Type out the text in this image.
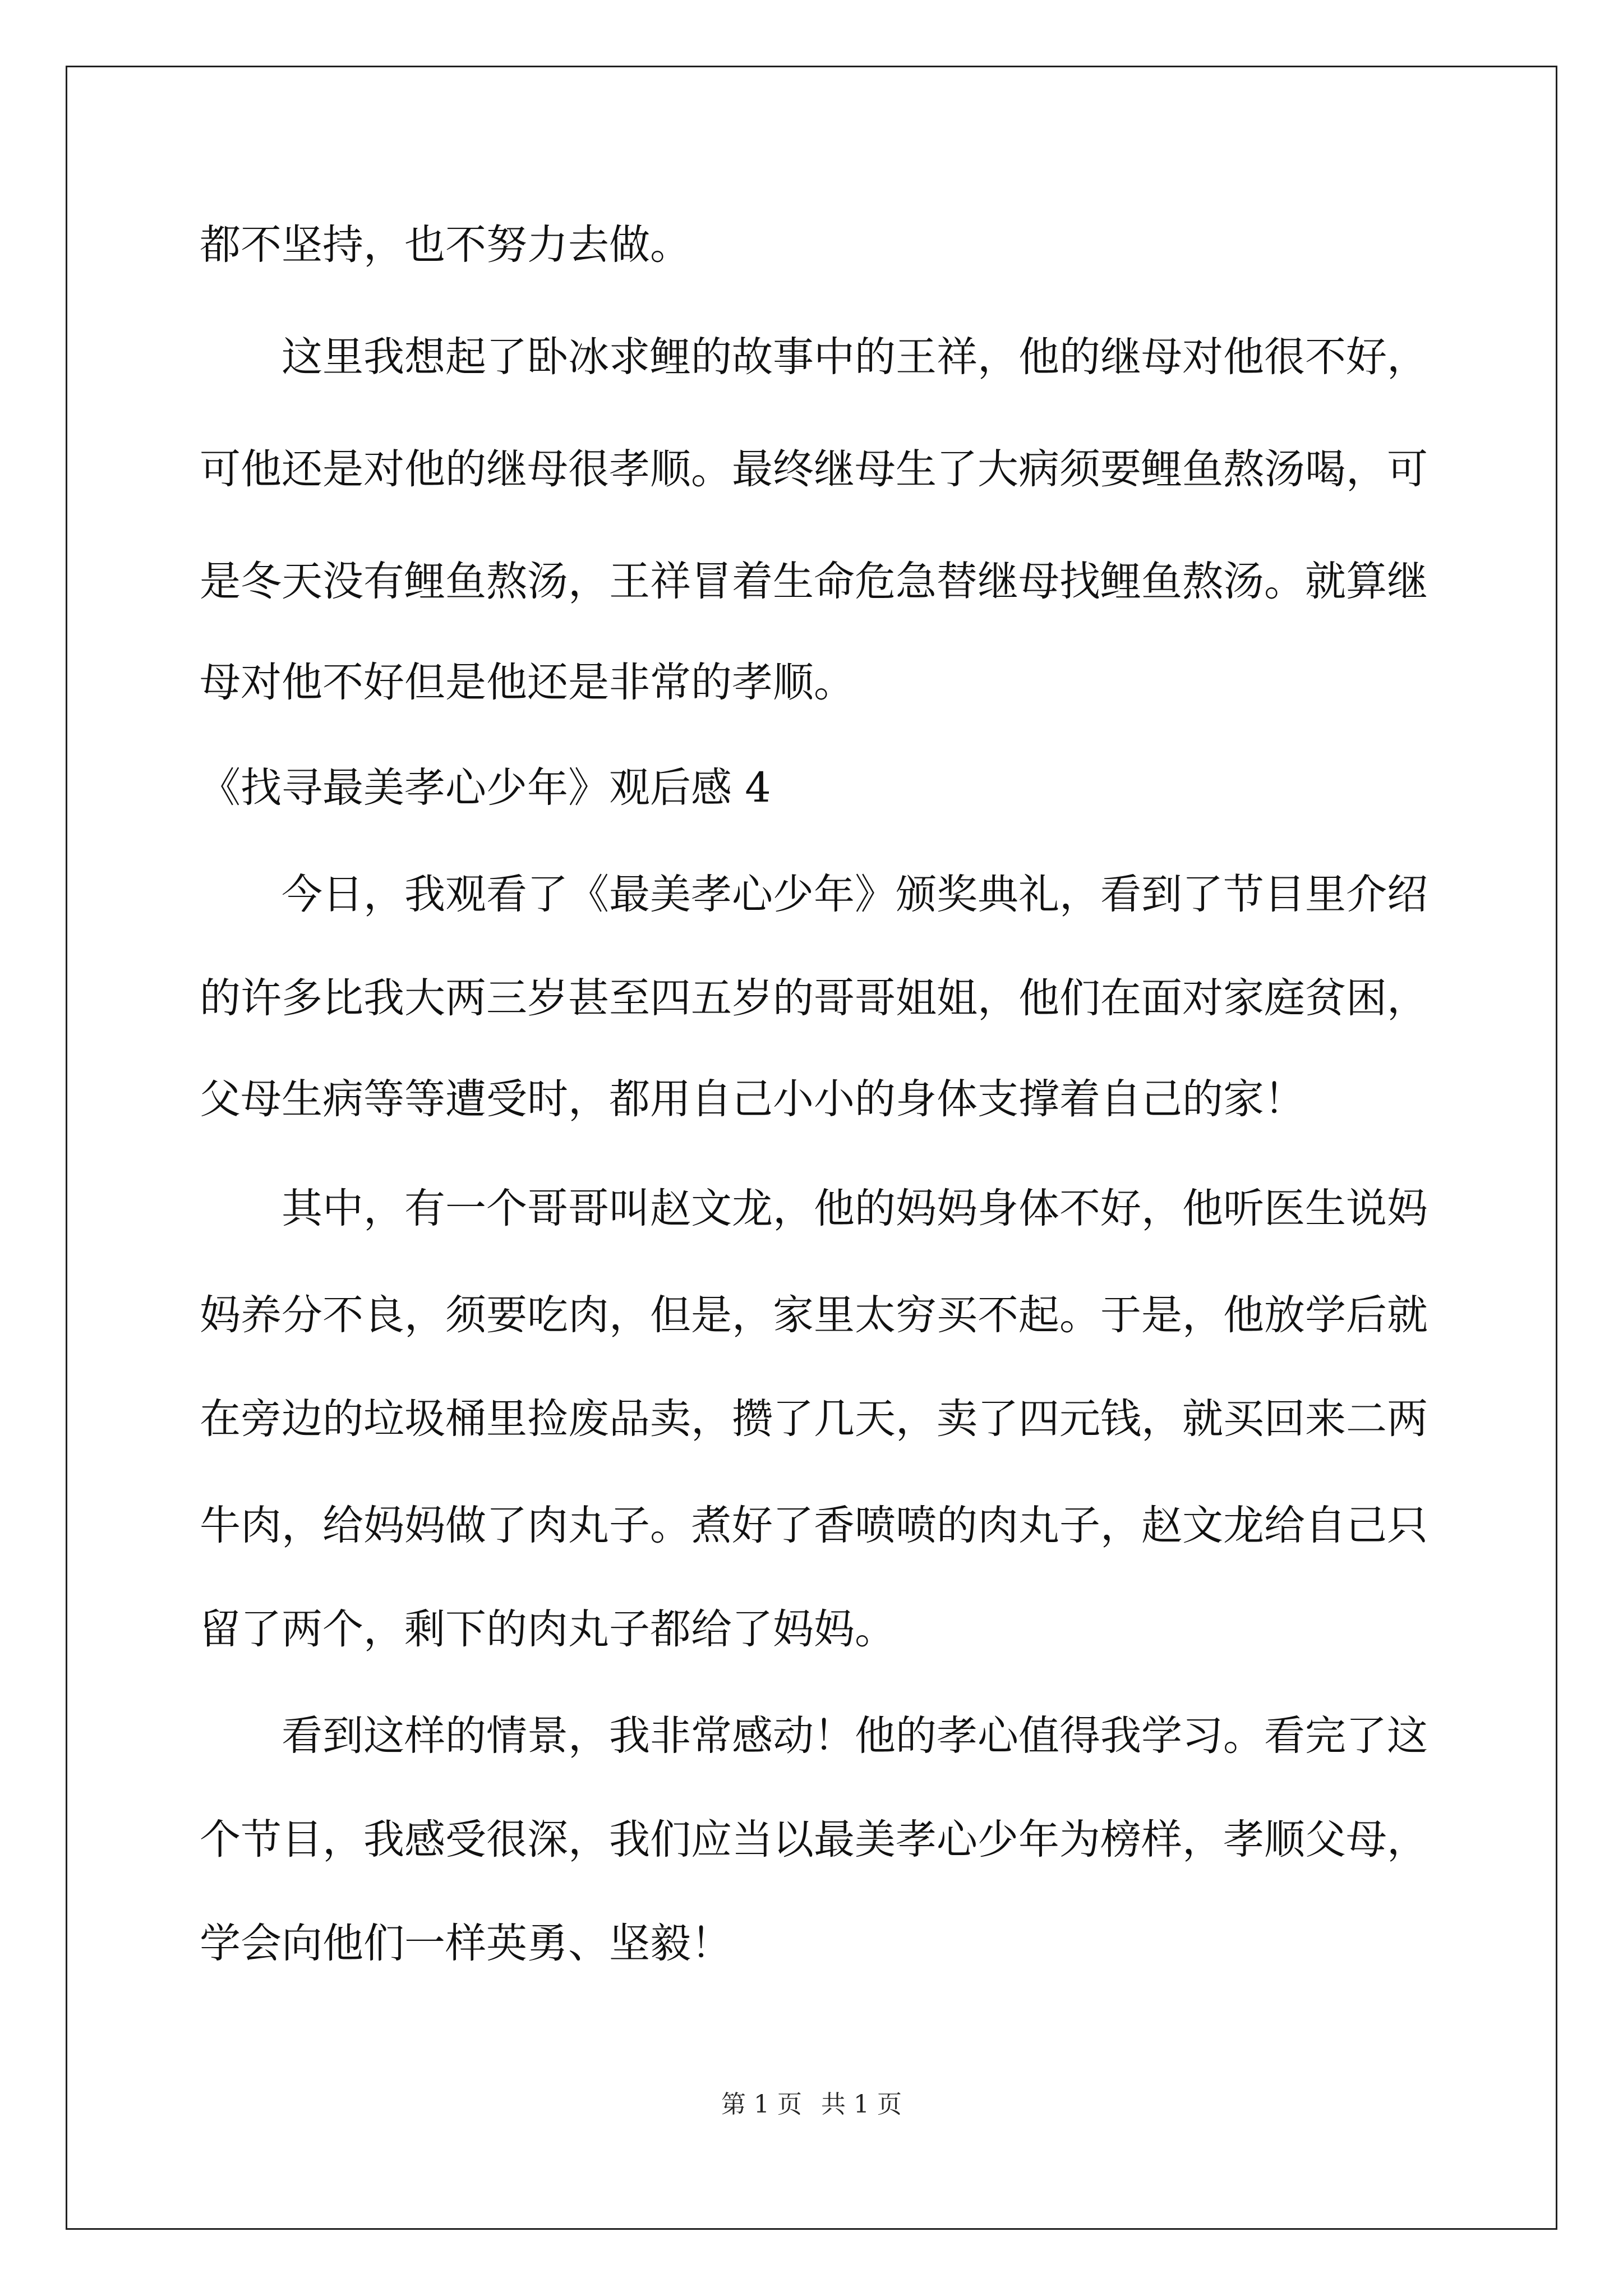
都不坚持，也不努力去做。
这里我想起了卧冰求鲤的故事中的王祥，他的继母对他很不好，
可他还是对他的继母很孝顺。最终继母生了大病须要鲤鱼熬汤喝，可
是冬天没有鲤鱼熬汤，王祥冒着生命危急替继母找鲤鱼熬汤。就算继
母对他不好但是他还是非常的孝顺。
《找寻最美孝心少年》观后感 4
今日，我观看了《最美孝心少年》颁奖典礼，看到了节目里介绍
的许多比我大两三岁甚至四五岁的哥哥姐姐，他们在面对家庭贫困，
父母生病等等遭受时，都用自己小小的身体支撑着自己的家！
其中，有一个哥哥叫赵文龙，他的妈妈身体不好，他听医生说妈
妈养分不良，须要吃肉，但是，家里太穷买不起。于是，他放学后就
在旁边的垃圾桶里捡废品卖，攒了几天，卖了四元钱，就买回来二两
牛肉，给妈妈做了肉丸子。煮好了香喷喷的肉丸子，赵文龙给自己只
留了两个，剩下的肉丸子都给了妈妈。
看到这样的情景，我非常感动！他的孝心值得我学习。看完了这
个节目，我感受很深，我们应当以最美孝心少年为榜样，孝顺父母，
学会向他们一样英勇、坚毅！
第 1 页 共 1 页
